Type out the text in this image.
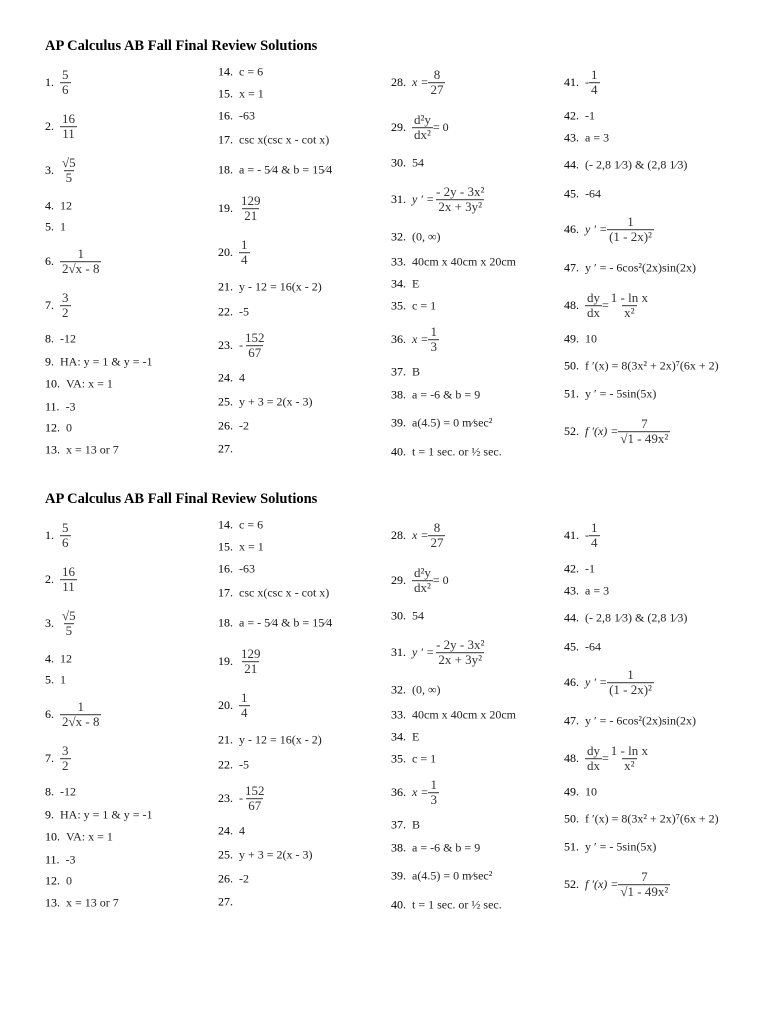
AP Calculus AB Fall Final Review Solutions
1. $\frac{5}{6}$
2. $\frac{16}{11}$
3. $\frac{√5}{5}$
4. 12
5. 1
6. $\frac{1}{2√x - 8}$
7. $\frac{3}{2}$
8. -12
9. HA: y = 1 & y = -1
10. VA: x = 1
11. -3
12. 0
13. x = 13 or 7
14. c = 6
15. x = 1
16. -63
17. csc x(csc x - cot x)
18. a = - 5⁄4 & b = 15⁄4
19. $\frac{129}{21}$
20. $\frac{1}{4}$
21. y - 12 = 16(x - 2)
22. -5
23. - $\frac{152}{67}$
24. 4
25. y + 3 = 2(x - 3)
26. -2
27.
28. $x = \frac{8}{27}$
29. $\frac{\text{d²y}}{\text{dx²}} = 0$
30. 54
31. y ′ = $\frac{\text{- 2y - 3x²}}{\text{2x + 3y²}}$
32. (0, ∞)
33. 40cm x 40cm x 20cm
34. E
35. c = 1
36. $x = \frac{1}{3}$
37. B
38. a = -6 & b = 9
39. a(4.5) = 0 m⁄sec²
40. t = 1 sec. or ½ sec.
41. - $\frac{1}{4}$
42. -1
43. a = 3
44. (- 2,8 1⁄3) & (2,8 1⁄3)
45. -64
46. y ′ = $\frac{1}{\text{(1 - 2x)²}}$
47. y ′ = - 6cos²(2x)sin(2x)
48. $\frac{dy}{dx} = \frac{\text{1 - ln x}}{\text{x²}}$
49. 10
50. f ′(x) = 8(3x² + 2x)⁷(6x + 2)
51. y ′ = - 5sin(5x)
52. f $'(x) = \frac{7}{\text{√1 - 49x²}}$
AP Calculus AB Fall Final Review Solutions
1. $\frac{5}{6}$
2. $\frac{16}{11}$
3. $\frac{√5}{5}$
4. 12
5. 1
6. $\frac{1}{2√x - 8}$
7. $\frac{3}{2}$
8. -12
9. HA: y = 1 & y = -1
10. VA: x = 1
11. -3
12. 0
13. x = 13 or 7
14. c = 6
15. x = 1
16. -63
17. csc x(csc x - cot x)
18. a = - 5⁄4 & b = 15⁄4
19. $\frac{129}{21}$
20. $\frac{1}{4}$
21. y - 12 = 16(x - 2)
22. -5
23. - $\frac{152}{67}$
24. 4
25. y + 3 = 2(x - 3)
26. -2
27.
28. $x = \frac{8}{27}$
29. $\frac{\text{d²y}}{\text{dx²}} = 0$
30. 54
31. y ′ = $\frac{\text{- 2y - 3x²}}{\text{2x + 3y²}}$
32. (0, ∞)
33. 40cm x 40cm x 20cm
34. E
35. c = 1
36. $x = \frac{1}{3}$
37. B
38. a = -6 & b = 9
39. a(4.5) = 0 m⁄sec²
40. t = 1 sec. or ½ sec.
41. - $\frac{1}{4}$
42. -1
43. a = 3
44. (- 2,8 1⁄3) & (2,8 1⁄3)
45. -64
46. y ′ = $\frac{1}{\text{(1 - 2x)²}}$
47. y ′ = - 6cos²(2x)sin(2x)
48. $\frac{dy}{dx} = \frac{\text{1 - ln x}}{\text{x²}}$
49. 10
50. f ′(x) = 8(3x² + 2x)⁷(6x + 2)
51. y ′ = - 5sin(5x)
52. f $'(x) = \frac{7}{\text{√1 - 49x²}}$
